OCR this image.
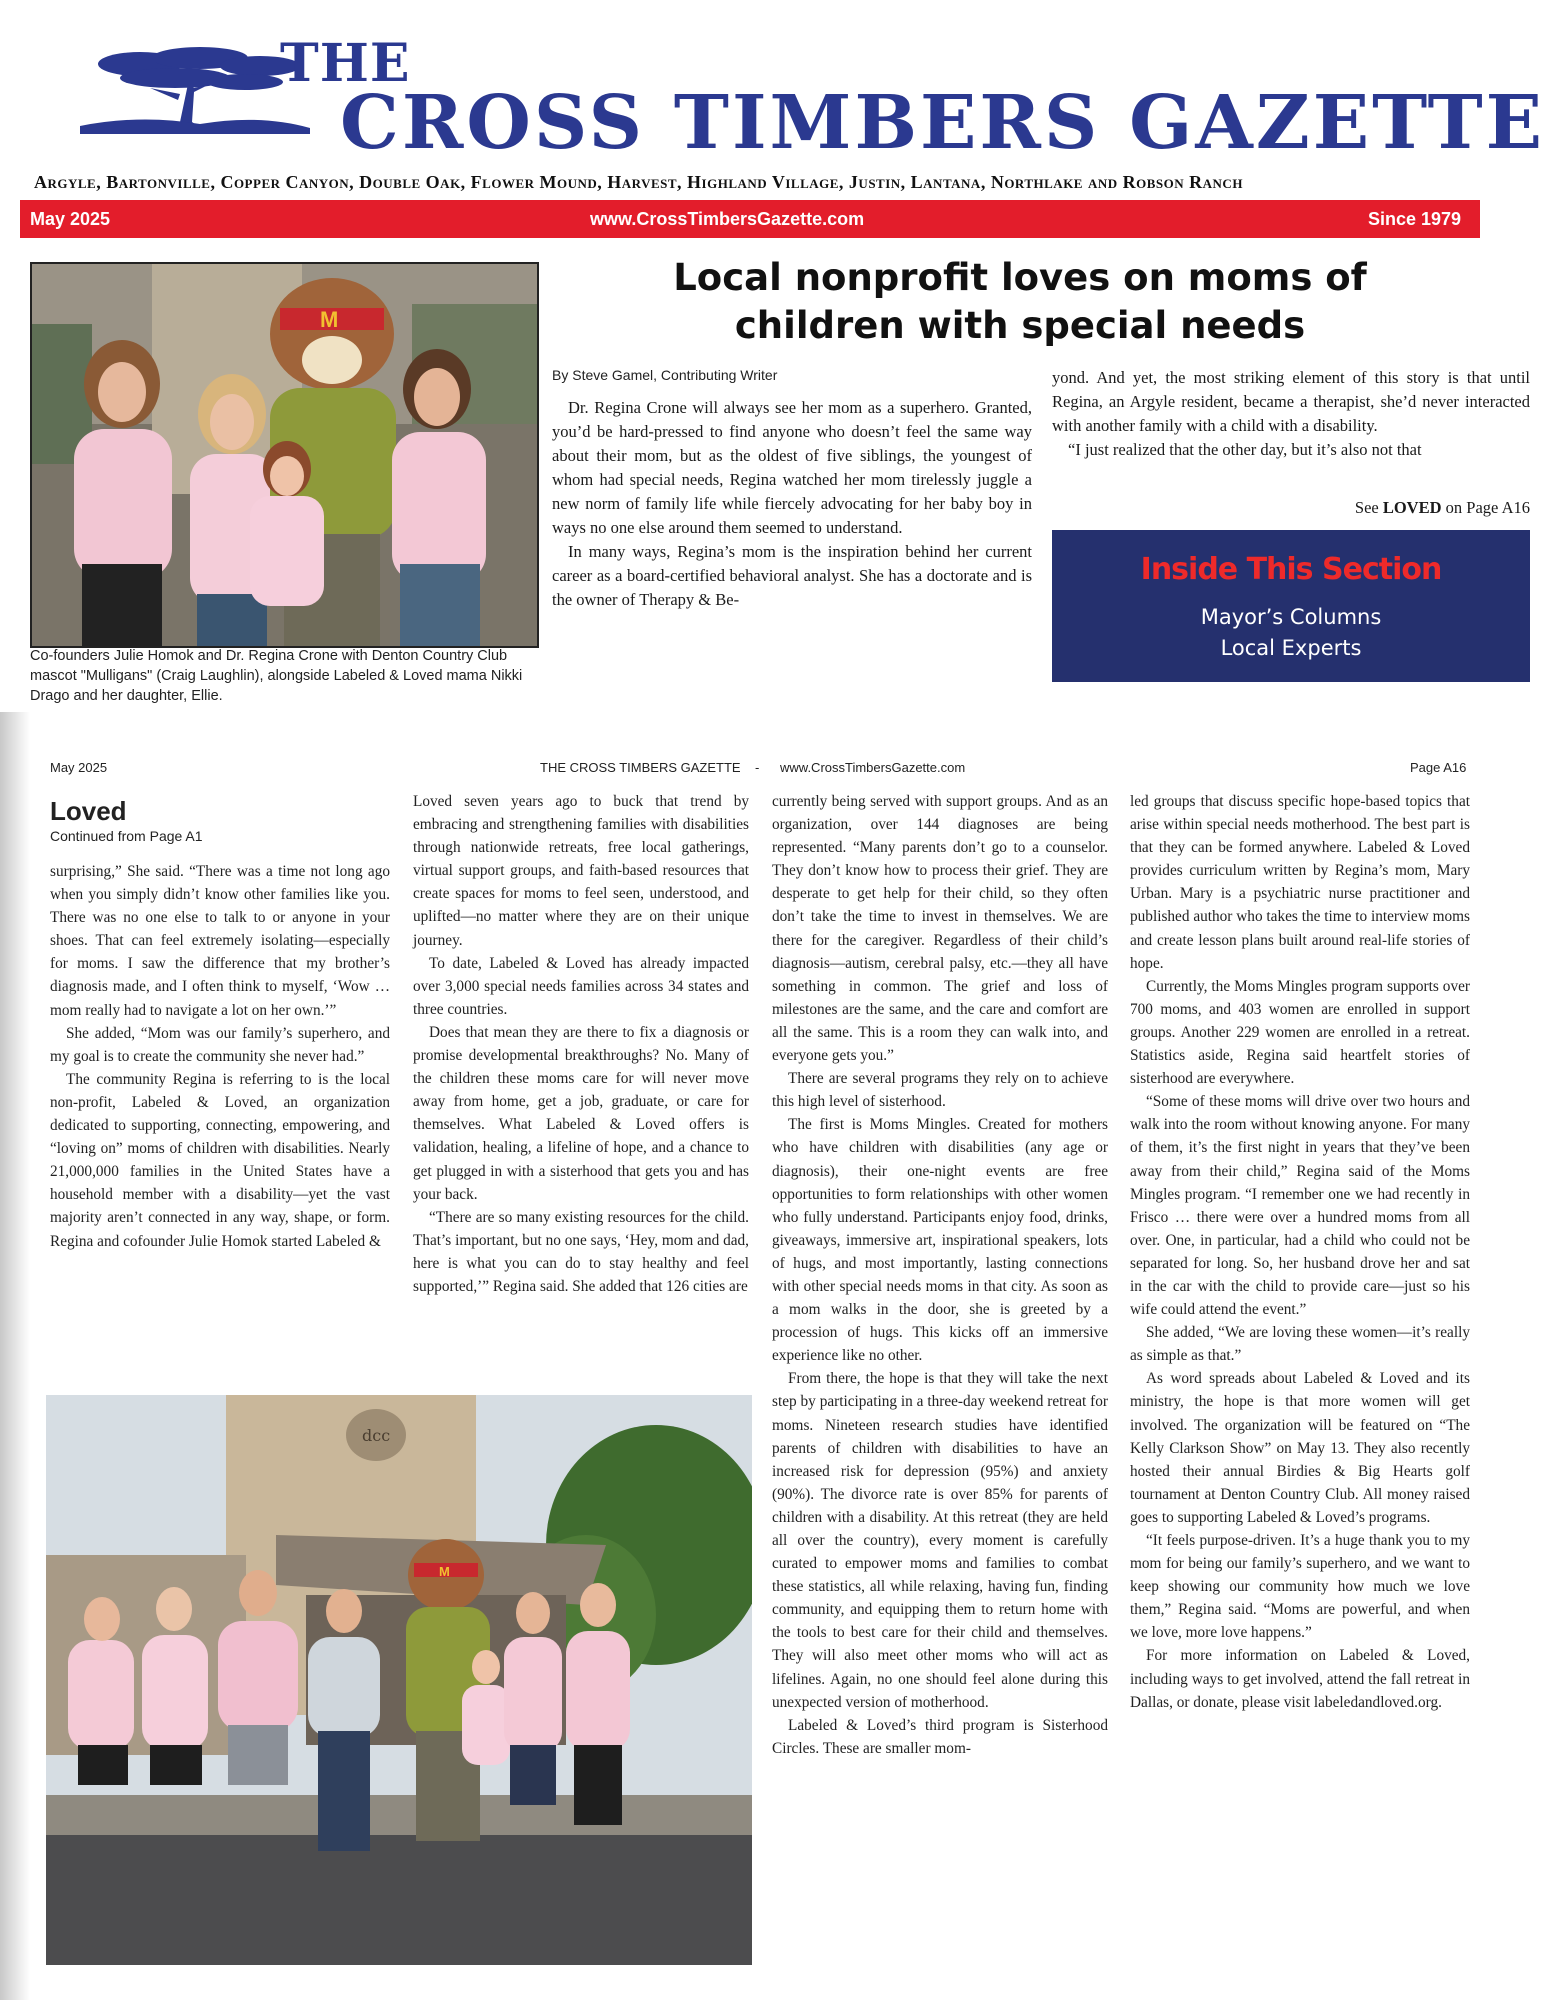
THE
CROSS TIMBERS GAZETTE
Argyle, Bartonville, Copper Canyon, Double Oak, Flower Mound, Harvest, Highland Village, Justin, Lantana, Northlake and Robson Ranch
May 2025	www.CrossTimbersGazette.com	Since 1979
M
Co-founders Julie Homok and Dr. Regina Crone with Denton Country Club mascot "Mulligans" (Craig Laughlin), alongside Labeled & Loved mama Nikki Drago and her daughter, Ellie.
Local nonprofit loves on moms of
children with special needs
By Steve Gamel, Contributing Writer

Dr. Regina Crone will always see her mom as a superhero. Granted, you’d be hard-pressed to find anyone who doesn’t feel the same way about their mom, but as the oldest of five siblings, the youngest of whom had special needs, Regina watched her mom tirelessly juggle a new norm of family life while fiercely advocating for her baby boy in ways no one else around them seemed to understand.

In many ways, Regina’s mom is the inspiration behind her current career as a board-certified behavioral analyst. She has a doctorate and is the owner of Therapy & Be-

yond. And yet, the most striking element of this story is that until Regina, an Argyle resident, became a therapist, she’d never interacted with another family with a child with a disability.

“I just realized that the other day, but it’s also not that

See LOVED on Page A16
Inside This Section
Mayor’s Columns
Local Experts
May 2025	THE CROSS TIMBERS GAZETTE - www.CrossTimbersGazette.com	Page A16
Loved
Continued from Page A1

surprising,” She said. “There was a time not long ago when you simply didn’t know other families like you. There was no one else to talk to or anyone in your shoes. That can feel extremely isolating—especially for moms. I saw the difference that my brother’s diagnosis made, and I often think to myself, ‘Wow … mom really had to navigate a lot on her own.’”

She added, “Mom was our family’s superhero, and my goal is to create the community she never had.”

The community Regina is referring to is the local non-profit, Labeled & Loved, an organization dedicated to supporting, connecting, empowering, and “loving on” moms of children with disabilities. Nearly 21,000,000 families in the United States have a household member with a disability—yet the vast majority aren’t connected in any way, shape, or form. Regina and cofounder Julie Homok started Labeled &

Loved seven years ago to buck that trend by embracing and strengthening families with disabilities through nationwide retreats, free local gatherings, virtual support groups, and faith-based resources that create spaces for moms to feel seen, understood, and uplifted—no matter where they are on their unique journey.

To date, Labeled & Loved has already impacted over 3,000 special needs families across 34 states and three countries.

Does that mean they are there to fix a diagnosis or promise developmental breakthroughs? No. Many of the children these moms care for will never move away from home, get a job, graduate, or care for themselves. What Labeled & Loved offers is validation, healing, a lifeline of hope, and a chance to get plugged in with a sisterhood that gets you and has your back.

“There are so many existing resources for the child. That’s important, but no one says, ‘Hey, mom and dad, here is what you can do to stay healthy and feel supported,’” Regina said. She added that 126 cities are

currently being served with support groups. And as an organization, over 144 diagnoses are being represented. “Many parents don’t go to a counselor. They don’t know how to process their grief. They are desperate to get help for their child, so they often don’t take the time to invest in themselves. We are there for the caregiver. Regardless of their child’s diagnosis—autism, cerebral palsy, etc.—they all have something in common. The grief and loss of milestones are the same, and the care and comfort are all the same. This is a room they can walk into, and everyone gets you.”

There are several programs they rely on to achieve this high level of sisterhood.

The first is Moms Mingles. Created for mothers who have children with disabilities (any age or diagnosis), their one-night events are free opportunities to form relationships with other women who fully understand. Participants enjoy food, drinks, giveaways, immersive art, inspirational speakers, lots of hugs, and most importantly, lasting connections with other special needs moms in that city. As soon as a mom walks in the door, she is greeted by a procession of hugs. This kicks off an immersive experience like no other.

From there, the hope is that they will take the next step by participating in a three-day weekend retreat for moms. Nineteen research studies have identified parents of children with disabilities to have an increased risk for depression (95%) and anxiety (90%). The divorce rate is over 85% for parents of children with a disability. At this retreat (they are held all over the country), every moment is carefully curated to empower moms and families to combat these statistics, all while relaxing, having fun, finding community, and equipping them to return home with the tools to best care for their child and themselves. They will also meet other moms who will act as lifelines. Again, no one should feel alone during this unexpected version of motherhood.

Labeled & Loved’s third program is Sisterhood Circles. These are smaller mom-

led groups that discuss specific hope-based topics that arise within special needs motherhood. The best part is that they can be formed anywhere. Labeled & Loved provides curriculum written by Regina’s mom, Mary Urban. Mary is a psychiatric nurse practitioner and published author who takes the time to interview moms and create lesson plans built around real-life stories of hope.

Currently, the Moms Mingles program supports over 700 moms, and 403 women are enrolled in support groups. Another 229 women are enrolled in a retreat. Statistics aside, Regina said heartfelt stories of sisterhood are everywhere.

“Some of these moms will drive over two hours and walk into the room without knowing anyone. For many of them, it’s the first night in years that they’ve been away from their child,” Regina said of the Moms Mingles program. “I remember one we had recently in Frisco … there were over a hundred moms from all over. One, in particular, had a child who could not be separated for long. So, her husband drove her and sat in the car with the child to provide care—just so his wife could attend the event.”

She added, “We are loving these women—it’s really as simple as that.”

As word spreads about Labeled & Loved and its ministry, the hope is that more women will get involved. The organization will be featured on “The Kelly Clarkson Show” on May 13. They also recently hosted their annual Birdies & Big Hearts golf tournament at Denton Country Club. All money raised goes to supporting Labeled & Loved’s programs.

“It feels purpose-driven. It’s a huge thank you to my mom for being our family’s superhero, and we want to keep showing our community how much we love them,” Regina said. “Moms are powerful, and when we love, more love happens.”

For more information on Labeled & Loved, including ways to get involved, attend the fall retreat in Dallas, or donate, please visit labeledandloved.org.

dcc
M
